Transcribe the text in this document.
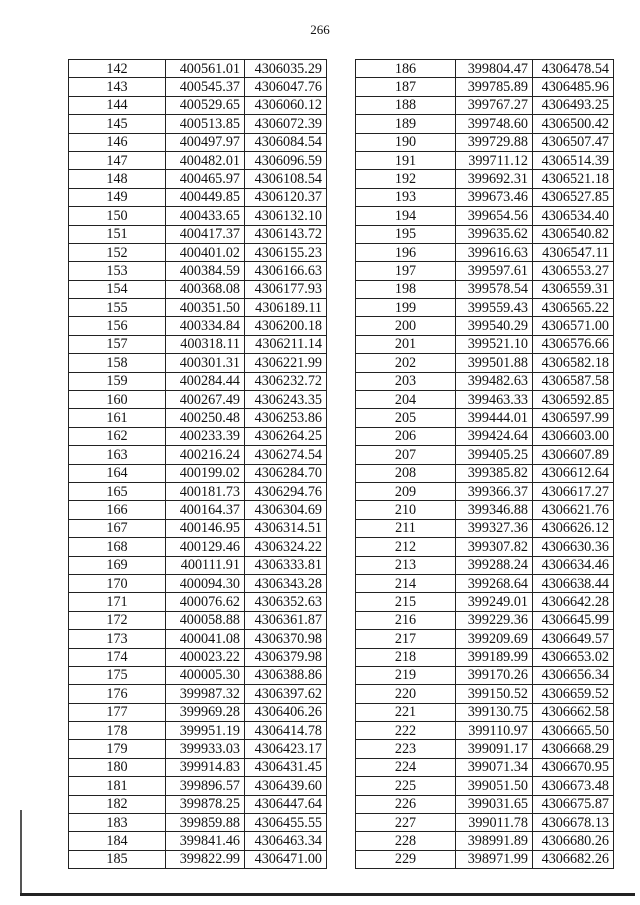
266
142	400561.01	4306035.29
143	400545.37	4306047.76
144	400529.65	4306060.12
145	400513.85	4306072.39
146	400497.97	4306084.54
147	400482.01	4306096.59
148	400465.97	4306108.54
149	400449.85	4306120.37
150	400433.65	4306132.10
151	400417.37	4306143.72
152	400401.02	4306155.23
153	400384.59	4306166.63
154	400368.08	4306177.93
155	400351.50	4306189.11
156	400334.84	4306200.18
157	400318.11	4306211.14
158	400301.31	4306221.99
159	400284.44	4306232.72
160	400267.49	4306243.35
161	400250.48	4306253.86
162	400233.39	4306264.25
163	400216.24	4306274.54
164	400199.02	4306284.70
165	400181.73	4306294.76
166	400164.37	4306304.69
167	400146.95	4306314.51
168	400129.46	4306324.22
169	400111.91	4306333.81
170	400094.30	4306343.28
171	400076.62	4306352.63
172	400058.88	4306361.87
173	400041.08	4306370.98
174	400023.22	4306379.98
175	400005.30	4306388.86
176	399987.32	4306397.62
177	399969.28	4306406.26
178	399951.19	4306414.78
179	399933.03	4306423.17
180	399914.83	4306431.45
181	399896.57	4306439.60
182	399878.25	4306447.64
183	399859.88	4306455.55
184	399841.46	4306463.34
185	399822.99	4306471.00
186	399804.47	4306478.54
187	399785.89	4306485.96
188	399767.27	4306493.25
189	399748.60	4306500.42
190	399729.88	4306507.47
191	399711.12	4306514.39
192	399692.31	4306521.18
193	399673.46	4306527.85
194	399654.56	4306534.40
195	399635.62	4306540.82
196	399616.63	4306547.11
197	399597.61	4306553.27
198	399578.54	4306559.31
199	399559.43	4306565.22
200	399540.29	4306571.00
201	399521.10	4306576.66
202	399501.88	4306582.18
203	399482.63	4306587.58
204	399463.33	4306592.85
205	399444.01	4306597.99
206	399424.64	4306603.00
207	399405.25	4306607.89
208	399385.82	4306612.64
209	399366.37	4306617.27
210	399346.88	4306621.76
211	399327.36	4306626.12
212	399307.82	4306630.36
213	399288.24	4306634.46
214	399268.64	4306638.44
215	399249.01	4306642.28
216	399229.36	4306645.99
217	399209.69	4306649.57
218	399189.99	4306653.02
219	399170.26	4306656.34
220	399150.52	4306659.52
221	399130.75	4306662.58
222	399110.97	4306665.50
223	399091.17	4306668.29
224	399071.34	4306670.95
225	399051.50	4306673.48
226	399031.65	4306675.87
227	399011.78	4306678.13
228	398991.89	4306680.26
229	398971.99	4306682.26
